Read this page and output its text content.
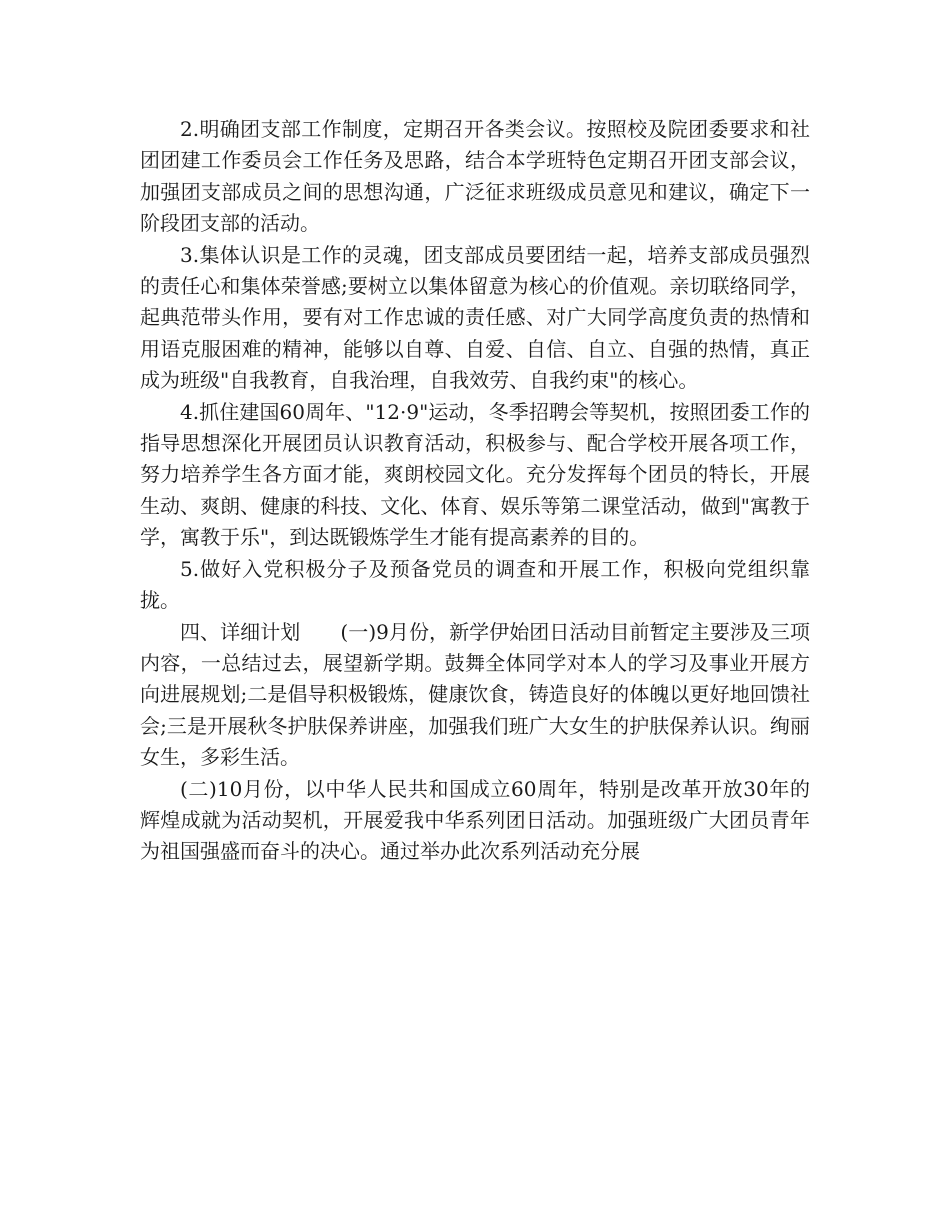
2.明确团支部工作制度，定期召开各类会议。按照校及院团委要求和社团团建工作委员会工作任务及思路，结合本学班特色定期召开团支部会议，加强团支部成员之间的思想沟通，广泛征求班级成员意见和建议，确定下一阶段团支部的活动。

3.集体认识是工作的灵魂，团支部成员要团结一起，培养支部成员强烈的责任心和集体荣誉感;要树立以集体留意为核心的价值观。亲切联络同学，起典范带头作用，要有对工作忠诚的责任感、对广大同学高度负责的热情和用语克服困难的精神，能够以自尊、自爱、自信、自立、自强的热情，真正成为班级"自我教育，自我治理，自我效劳、自我约束"的核心。

4.抓住建国60周年、"12·9"运动，冬季招聘会等契机，按照团委工作的指导思想深化开展团员认识教育活动，积极参与、配合学校开展各项工作，努力培养学生各方面才能，爽朗校园文化。充分发挥每个团员的特长，开展生动、爽朗、健康的科技、文化、体育、娱乐等第二课堂活动，做到"寓教于学，寓教于乐"，到达既锻炼学生才能有提高素养的目的。

5.做好入党积极分子及预备党员的调查和开展工作，积极向党组织靠拢。

四、详细计划　　(一)9月份，新学伊始团日活动目前暂定主要涉及三项内容，一总结过去，展望新学期。鼓舞全体同学对本人的学习及事业开展方向进展规划;二是倡导积极锻炼，健康饮食，铸造良好的体魄以更好地回馈社会;三是开展秋冬护肤保养讲座，加强我们班广大女生的护肤保养认识。绚丽女生，多彩生活。

(二)10月份，以中华人民共和国成立60周年，特别是改革开放30年的辉煌成就为活动契机，开展爱我中华系列团日活动。加强班级广大团员青年为祖国强盛而奋斗的决心。通过举办此次系列活动充分展
